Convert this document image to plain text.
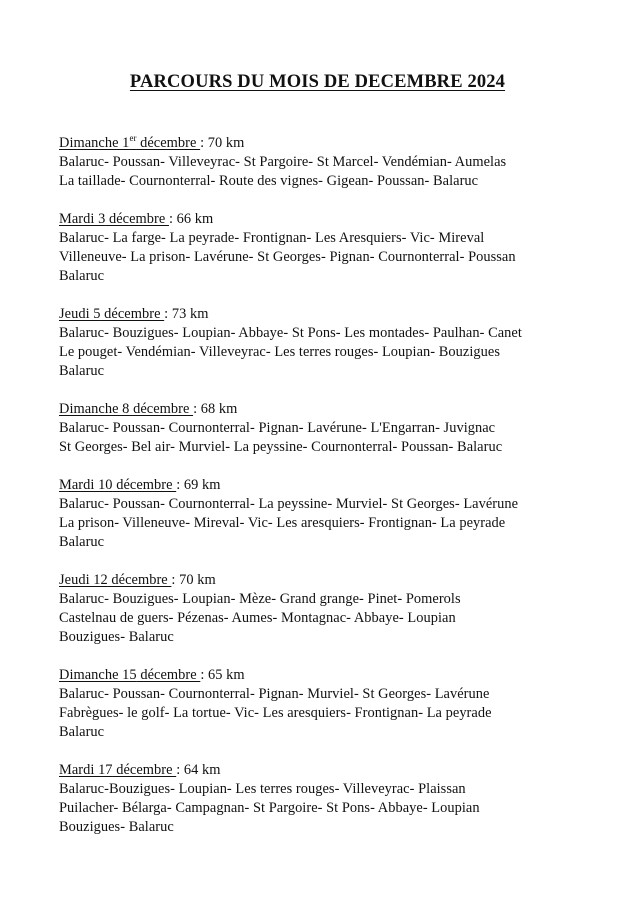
PARCOURS DU MOIS DE DECEMBRE 2024
Dimanche 1er décembre : 70 km
Balaruc- Poussan- Villeveyrac- St Pargoire- St Marcel- Vendémian- Aumelas
La taillade- Cournonterral- Route des vignes- Gigean- Poussan- Balaruc
Mardi 3 décembre : 66 km
Balaruc- La farge- La peyrade- Frontignan- Les Aresquiers- Vic- Mireval
Villeneuve- La prison- Lavérune- St Georges- Pignan- Cournonterral- Poussan
Balaruc
Jeudi 5 décembre : 73 km
Balaruc- Bouzigues- Loupian- Abbaye- St Pons- Les montades- Paulhan- Canet
Le pouget- Vendémian- Villeveyrac- Les terres rouges- Loupian- Bouzigues
Balaruc
Dimanche 8 décembre : 68 km
Balaruc- Poussan- Cournonterral- Pignan- Lavérune- L'Engarran- Juvignac
St Georges- Bel air- Murviel- La peyssine- Cournonterral- Poussan- Balaruc
Mardi 10 décembre : 69 km
Balaruc- Poussan- Cournonterral- La peyssine- Murviel- St Georges- Lavérune
La prison- Villeneuve- Mireval- Vic- Les aresquiers- Frontignan- La peyrade
Balaruc
Jeudi 12 décembre : 70 km
Balaruc- Bouzigues- Loupian- Mèze- Grand grange- Pinet- Pomerols
Castelnau de guers- Pézenas- Aumes- Montagnac- Abbaye- Loupian
Bouzigues- Balaruc
Dimanche 15 décembre : 65 km
Balaruc- Poussan- Cournonterral- Pignan- Murviel- St Georges- Lavérune
Fabrègues- le golf- La tortue- Vic- Les aresquiers- Frontignan- La peyrade
Balaruc
Mardi 17 décembre : 64 km
Balaruc-Bouzigues- Loupian- Les terres rouges- Villeveyrac- Plaissan
Puilacher- Bélarga- Campagnan- St Pargoire- St Pons- Abbaye- Loupian
Bouzigues- Balaruc
